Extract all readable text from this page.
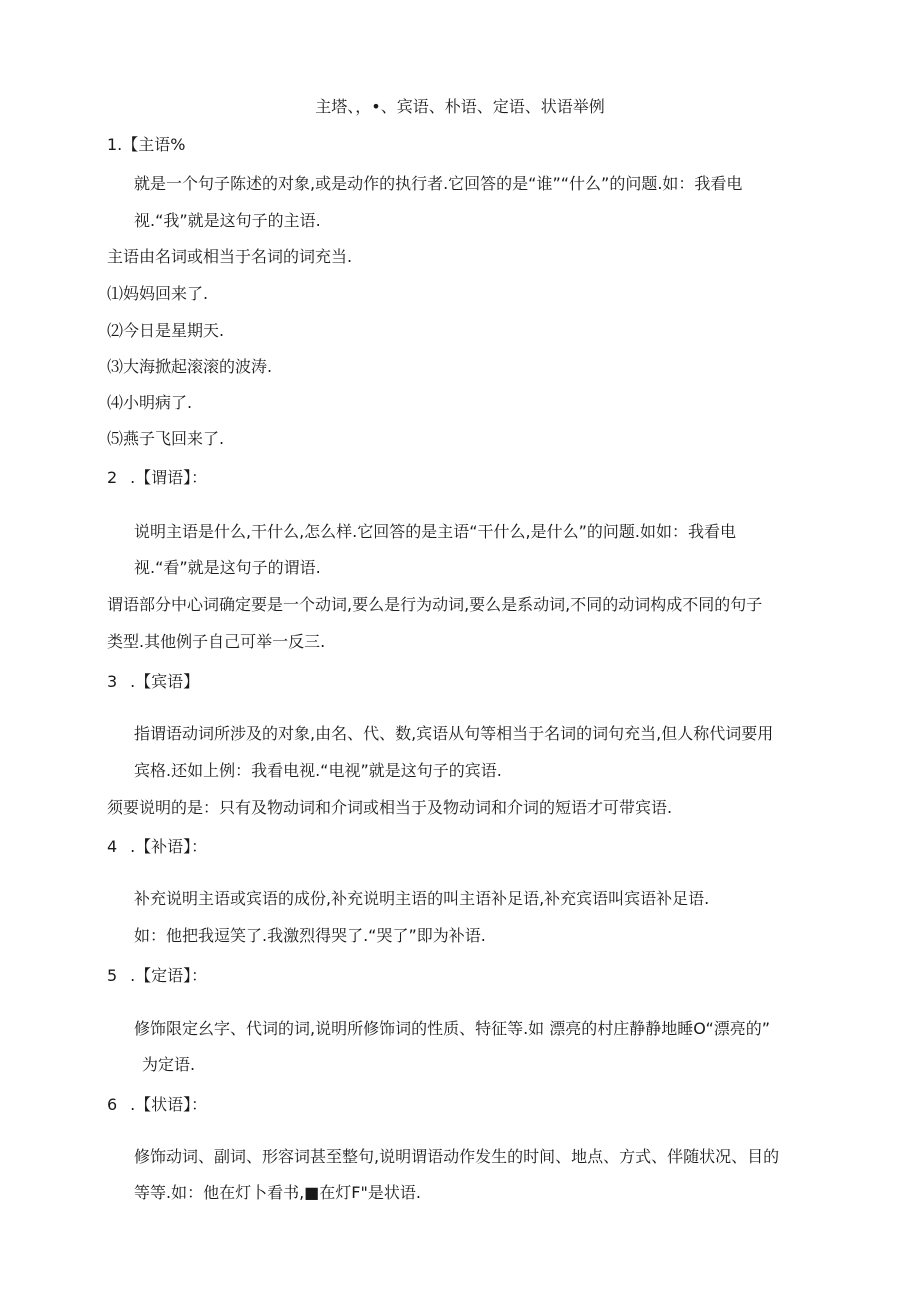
主塔、，•、宾语、朴语、定语、状语举例
1.【主语%
就是一个句子陈述的对象,或是动作的执行者.它回答的是“谁”“什么”的问题.如：我看电
视.“我”就是这句子的主语.
主语由名词或相当于名词的词充当.
⑴妈妈回来了.
⑵今日是星期天.
⑶大海掀起滚滚的波涛.
⑷小明病了.
⑸燕子飞回来了.
2 .【谓语】：
说明主语是什么,干什么,怎么样.它回答的是主语“干什么,是什么”的问题.如如：我看电
视.“看”就是这句子的谓语.
谓语部分中心词确定要是一个动词,要么是行为动词,要么是系动词,不同的动词构成不同的句子
类型.其他例子自己可举一反三.
3 .【宾语】
指谓语动词所涉及的对象,由名、代、数,宾语从句等相当于名词的词句充当,但人称代词要用
宾格.还如上例：我看电视.“电视”就是这句子的宾语.
须要说明的是：只有及物动词和介词或相当于及物动词和介词的短语才可带宾语.
4 .【补语】：
补充说明主语或宾语的成份,补充说明主语的叫主语补足语,补充宾语叫宾语补足语.
如：他把我逗笑了.我激烈得哭了.“哭了”即为补语.
5 .【定语】：
修饰限定幺字、代词的词,说明所修饰词的性质、特征等.如 漂亮的村庄静静地睡O“漂亮的”
为定语.
6 .【状语】：
修饰动词、副词、形容词甚至整句,说明谓语动作发生的时间、地点、方式、伴随状况、目的
等等.如：他在灯卜看书,■在灯F"是状语.
